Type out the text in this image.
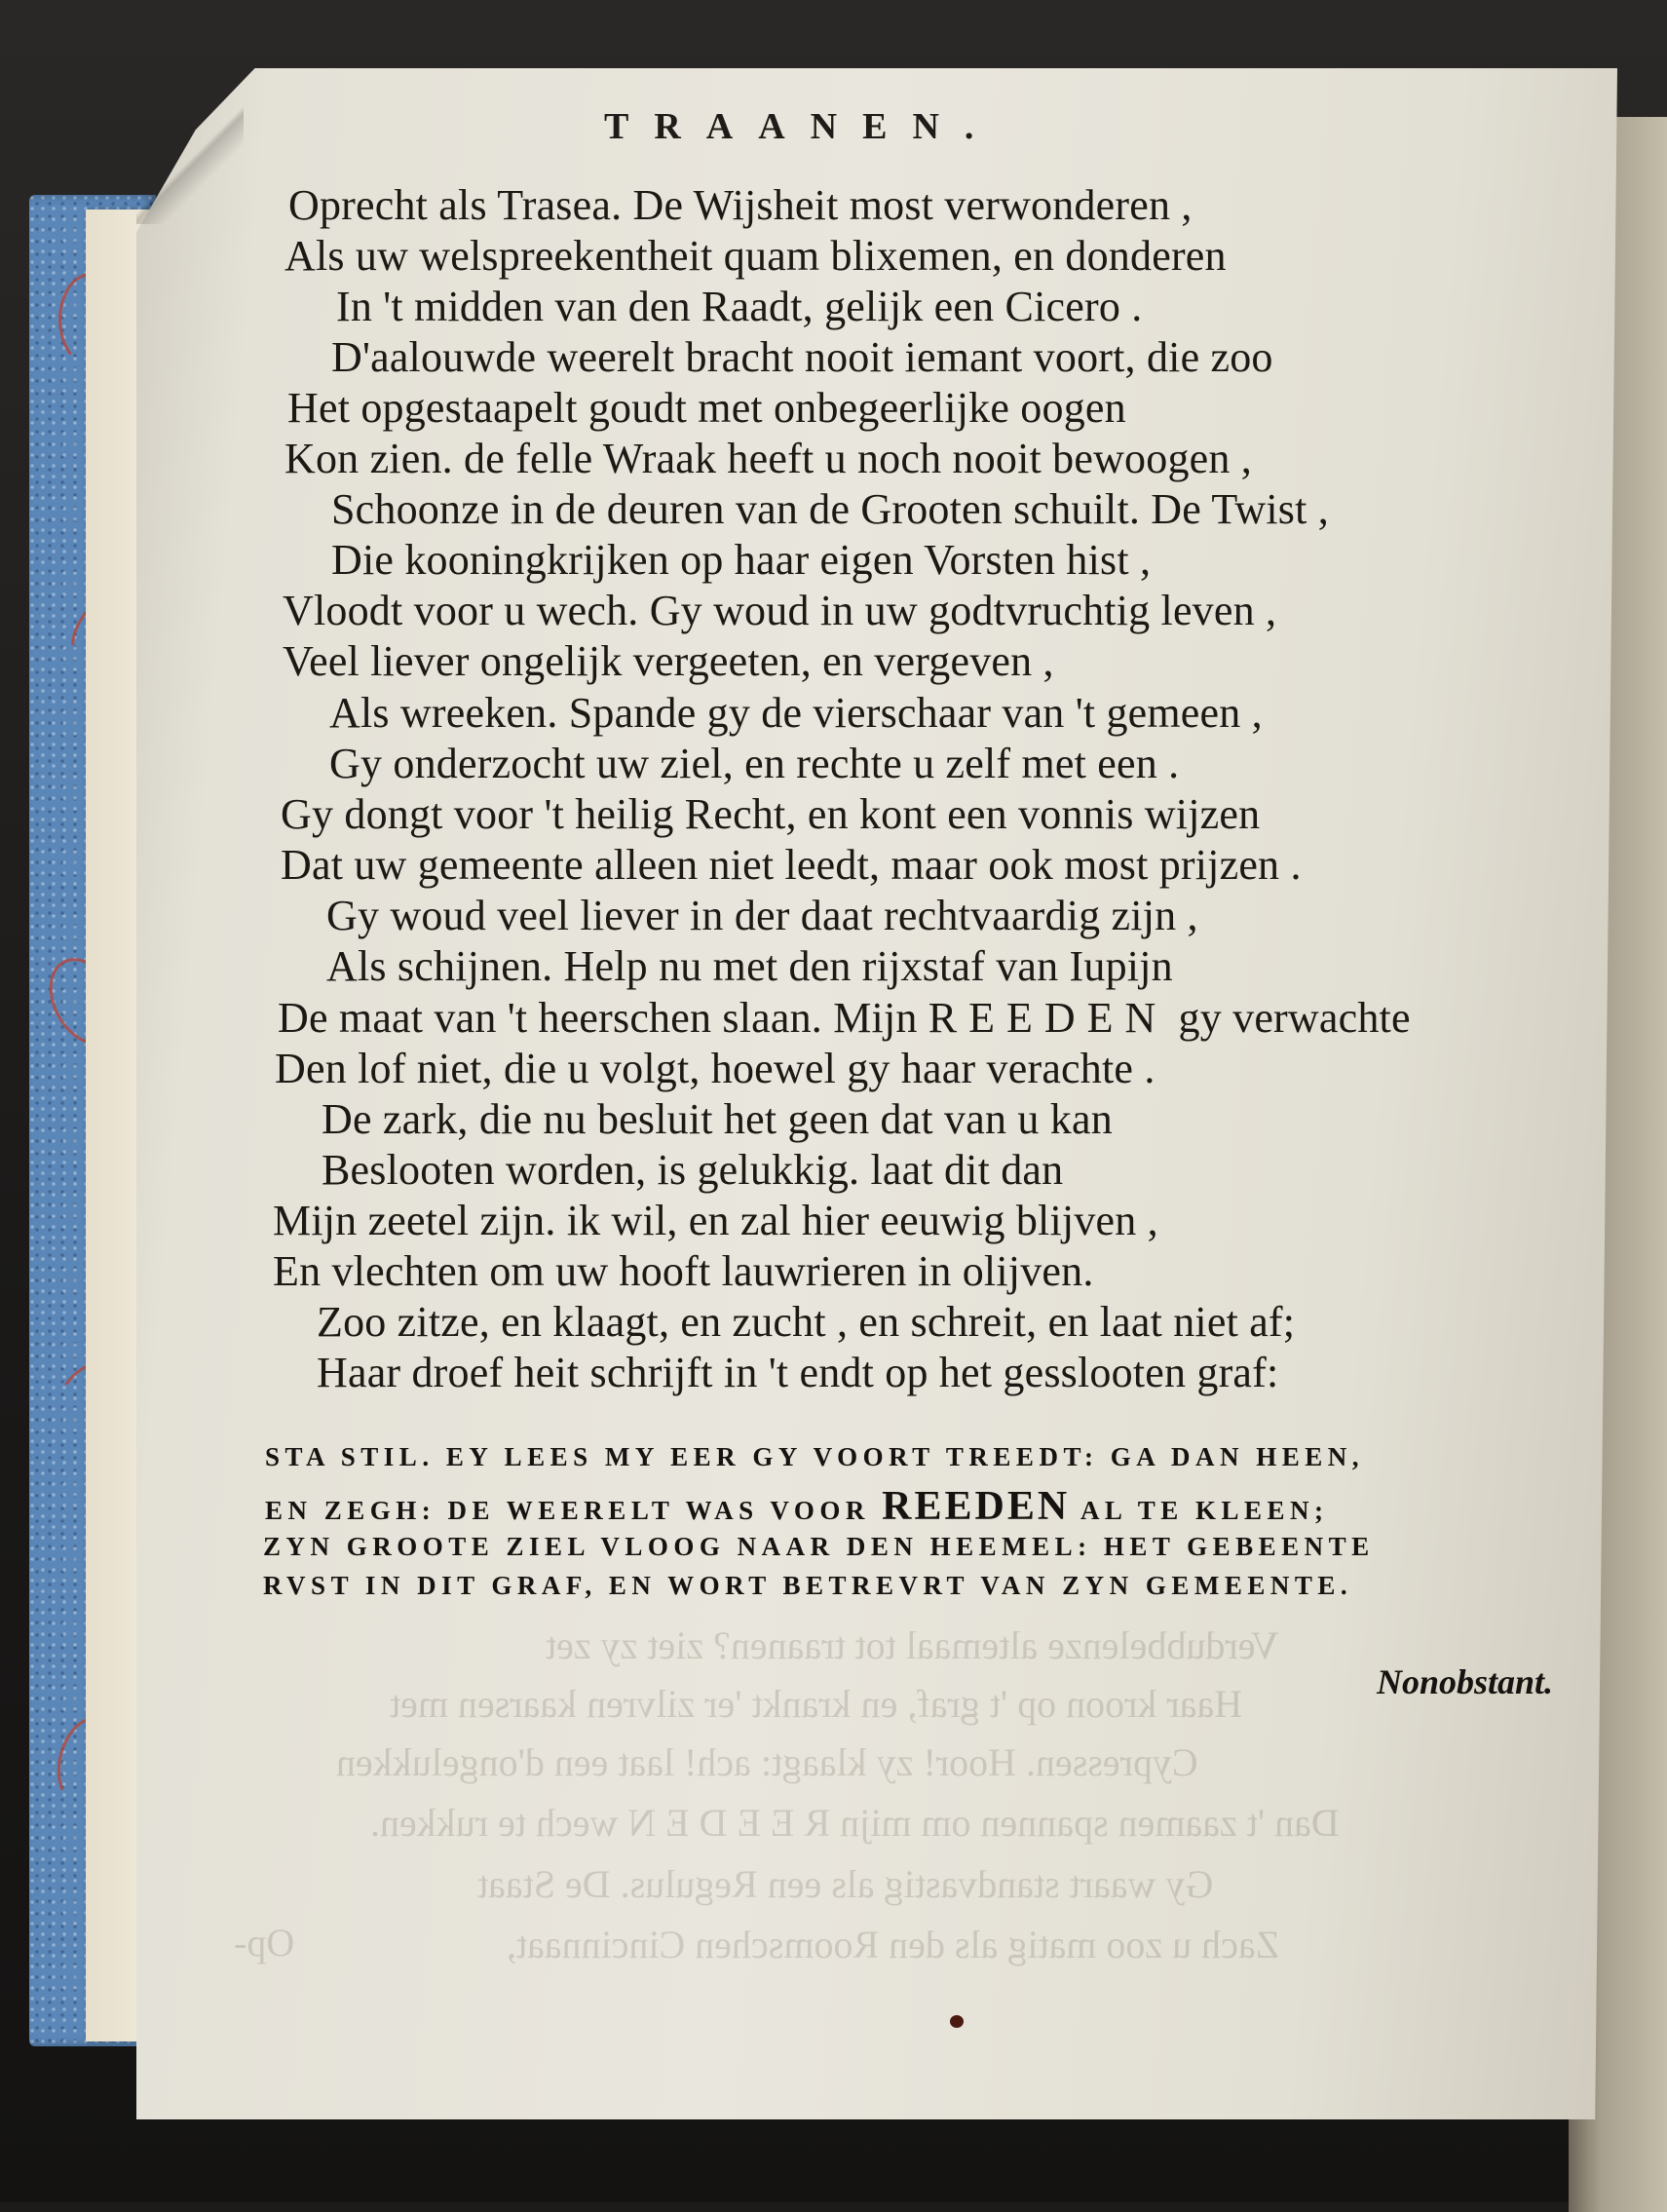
TRAANEN.
Oprecht als Trasea. De Wijsheit most verwonderen ,
Als uw welspreekentheit quam blixemen, en donderen
In 't midden van den Raadt, gelijk een Cicero .
D'aalouwde weerelt bracht nooit iemant voort, die zoo
Het opgestaapelt goudt met onbegeerlijke oogen
Kon zien. de felle Wraak heeft u noch nooit bewoogen ,
Schoonze in de deuren van de Grooten schuilt. De Twist ,
Die kooningkrijken op haar eigen Vorsten hist ,
Vloodt voor u wech. Gy woud in uw godtvruchtig leven ,
Veel liever ongelijk vergeeten, en vergeven ,
Als wreeken. Spande gy de vierschaar van 't gemeen ,
Gy onderzocht uw ziel, en rechte u zelf met een .
Gy dongt voor 't heilig Recht, en kont een vonnis wijzen
Dat uw gemeente alleen niet leedt, maar ook most prijzen .
Gy woud veel liever in der daat rechtvaardig zijn ,
Als schijnen. Help nu met den rijxstaf van Iupijn
De maat van 't heerschen slaan. Mijn REEDEN gy verwachte
Den lof niet, die u volgt, hoewel gy haar verachte .
De zark, die nu besluit het geen dat van u kan
Beslooten worden, is gelukkig. laat dit dan
Mijn zeetel zijn. ik wil, en zal hier eeuwig blijven ,
En vlechten om uw hooft lauwrieren in olijven.
Zoo zitze, en klaagt, en zucht , en schreit, en laat niet af;
Haar droef heit schrijft in 't endt op het gesslooten graf:
STA STIL. EY LEES MY EER GY VOORT TREEDT: GA DAN HEEN,
EN ZEGH: DE WEERELT WAS VOOR REEDEN AL TE KLEEN;
ZYN GROOTE ZIEL VLOOG NAAR DEN HEEMEL: HET GEBEENTE
RVST IN DIT GRAF, EN WORT BETREVRT VAN ZYN GEMEENTE.
Nonobstant.
